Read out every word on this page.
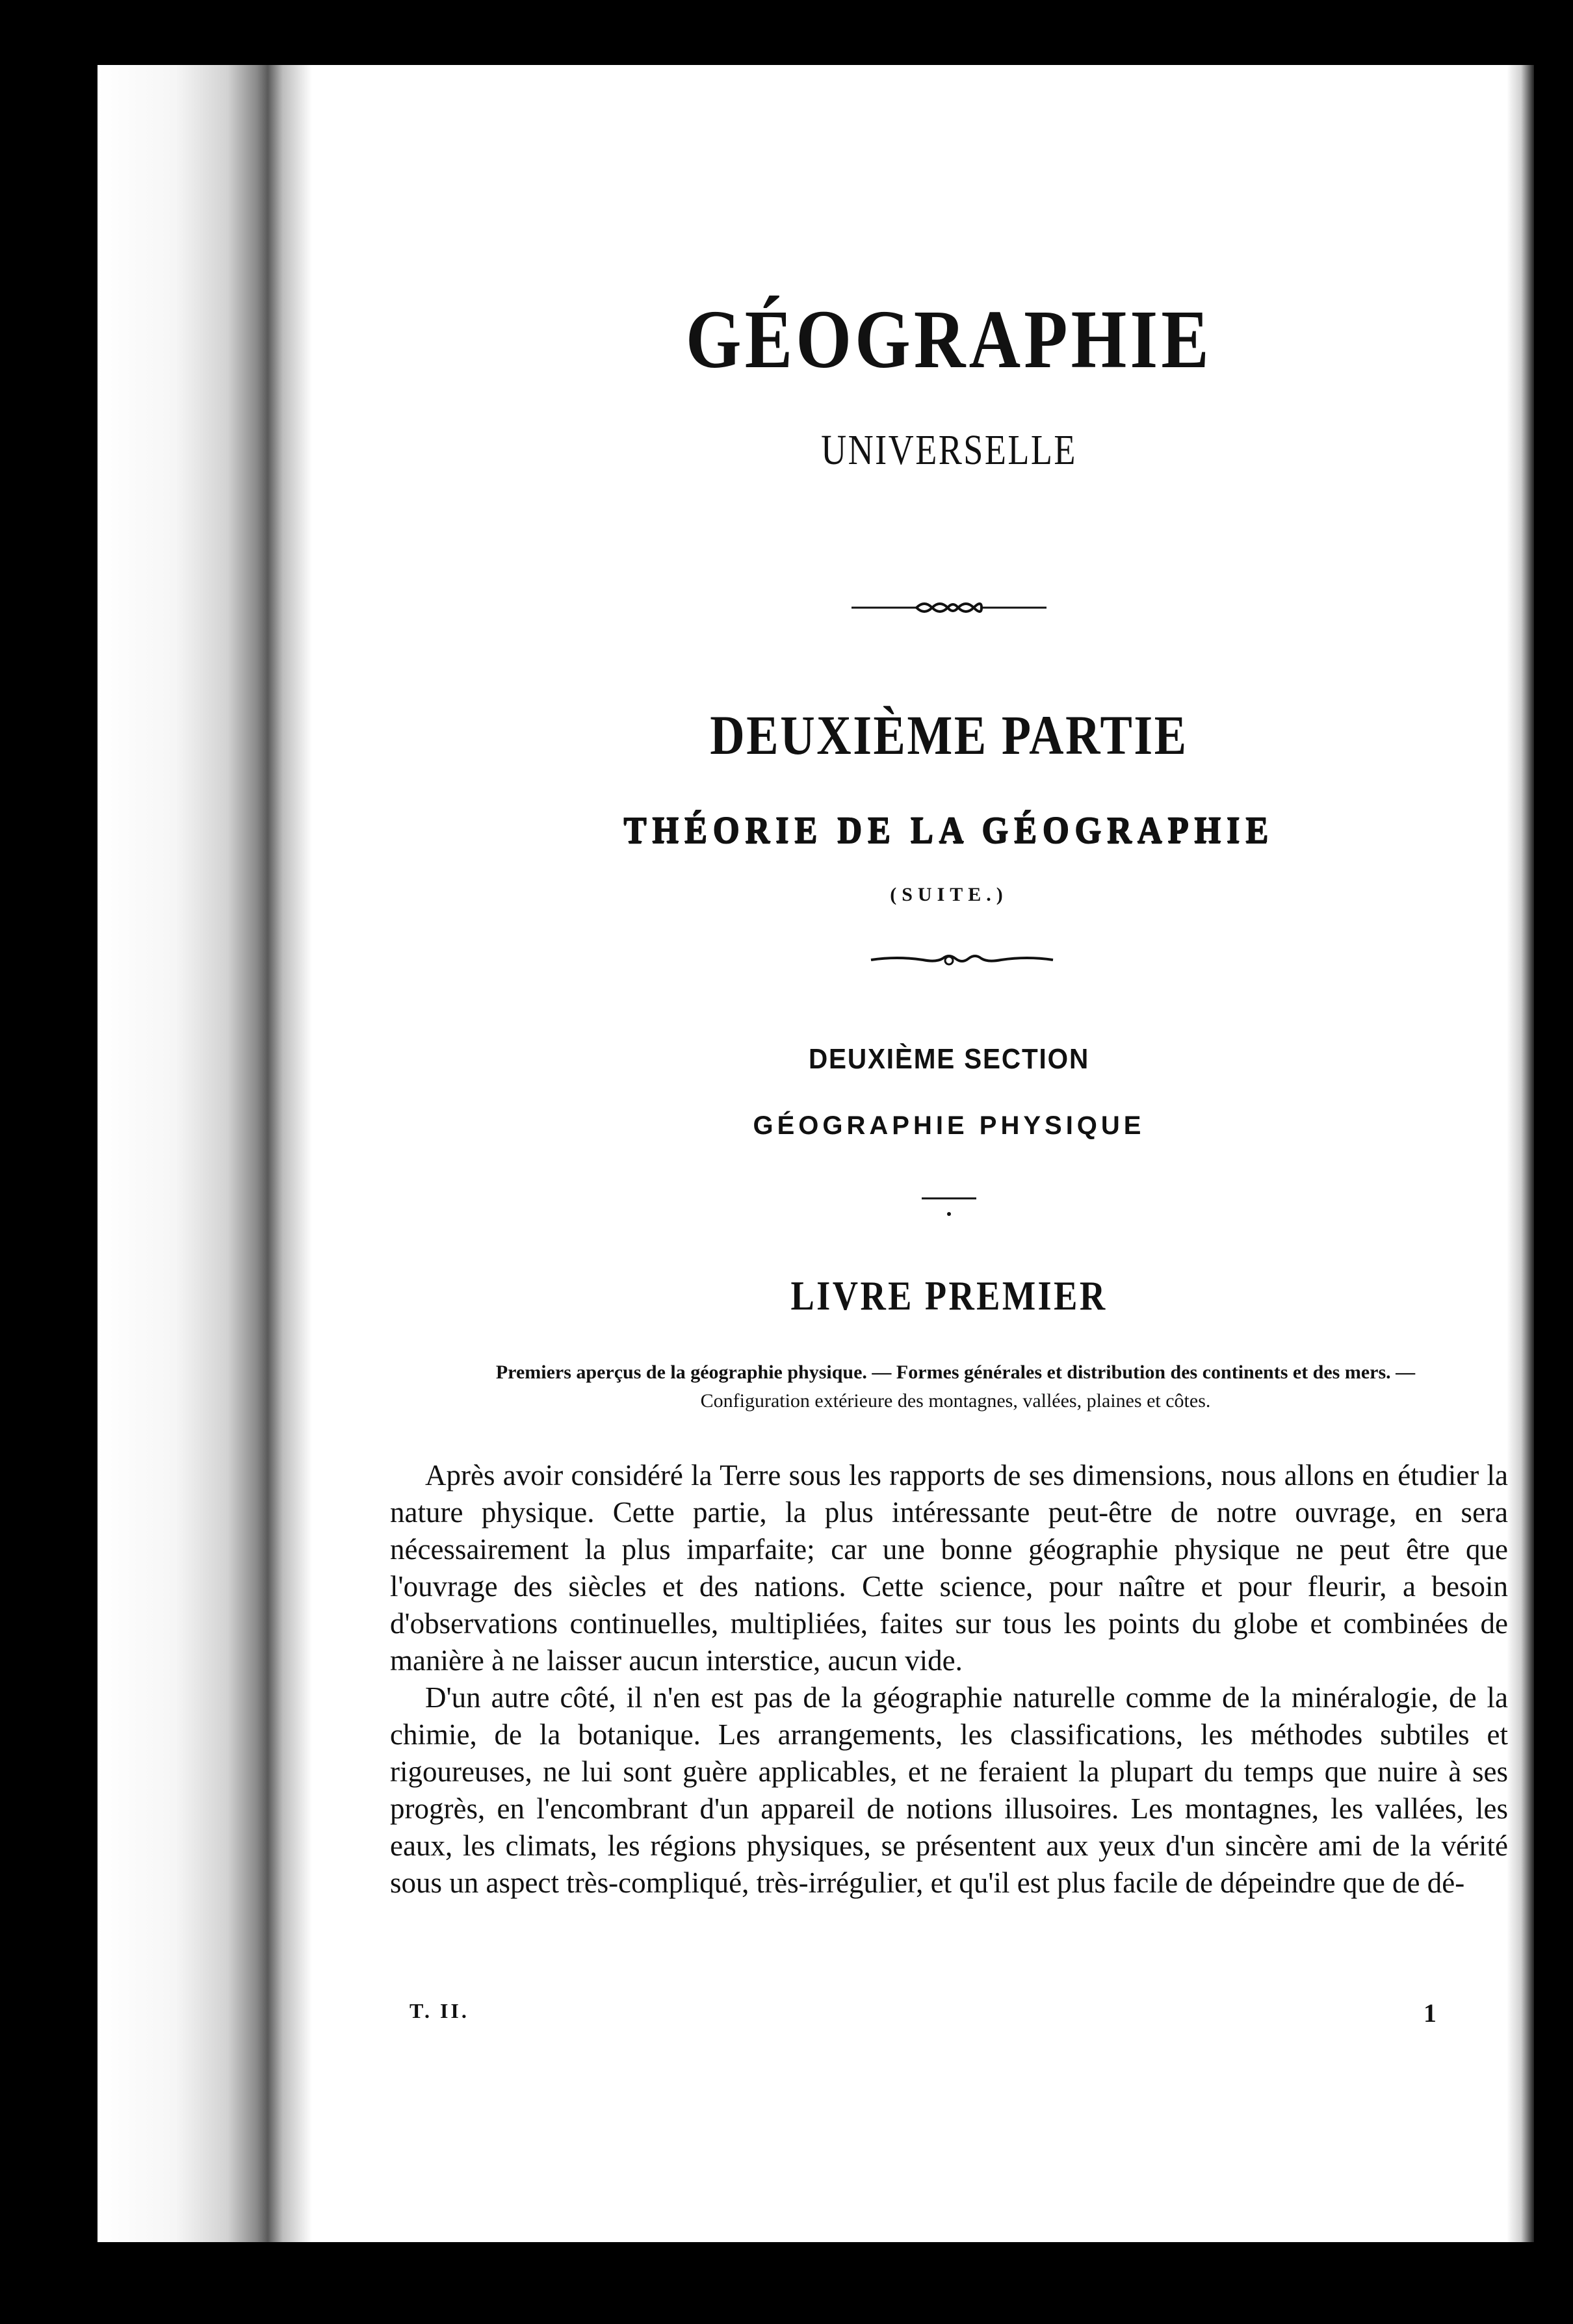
GÉOGRAPHIE
UNIVERSELLE
DEUXIÈME PARTIE
THÉORIE DE LA GÉOGRAPHIE
(SUITE.)
DEUXIÈME SECTION
GÉOGRAPHIE PHYSIQUE
LIVRE PREMIER
Premiers aperçus de la géographie physique. — Formes générales et distribution des continents et des mers. —
Configuration extérieure des montagnes, vallées, plaines et côtes.

Après avoir considéré la Terre sous les rapports de ses dimensions, nous allons en étudier la nature physique. Cette partie, la plus intéressante peut-être de notre ouvrage, en sera nécessairement la plus imparfaite; car une bonne géographie physique ne peut être que l'ouvrage des siècles et des nations. Cette science, pour naître et pour fleurir, a besoin d'observations continuelles, multipliées, faites sur tous les points du globe et combinées de manière à ne laisser aucun interstice, aucun vide.

D'un autre côté, il n'en est pas de la géographie naturelle comme de la minéralogie, de la chimie, de la botanique. Les arrangements, les classifications, les méthodes subtiles et rigoureuses, ne lui sont guère applicables, et ne feraient la plupart du temps que nuire à ses progrès, en l'encombrant d'un appareil de notions illusoires. Les montagnes, les vallées, les eaux, les climats, les régions physiques, se présentent aux yeux d'un sincère ami de la vérité sous un aspect très-compliqué, très-irrégulier, et qu'il est plus facile de dépeindre que de dé-

T. II.	1
